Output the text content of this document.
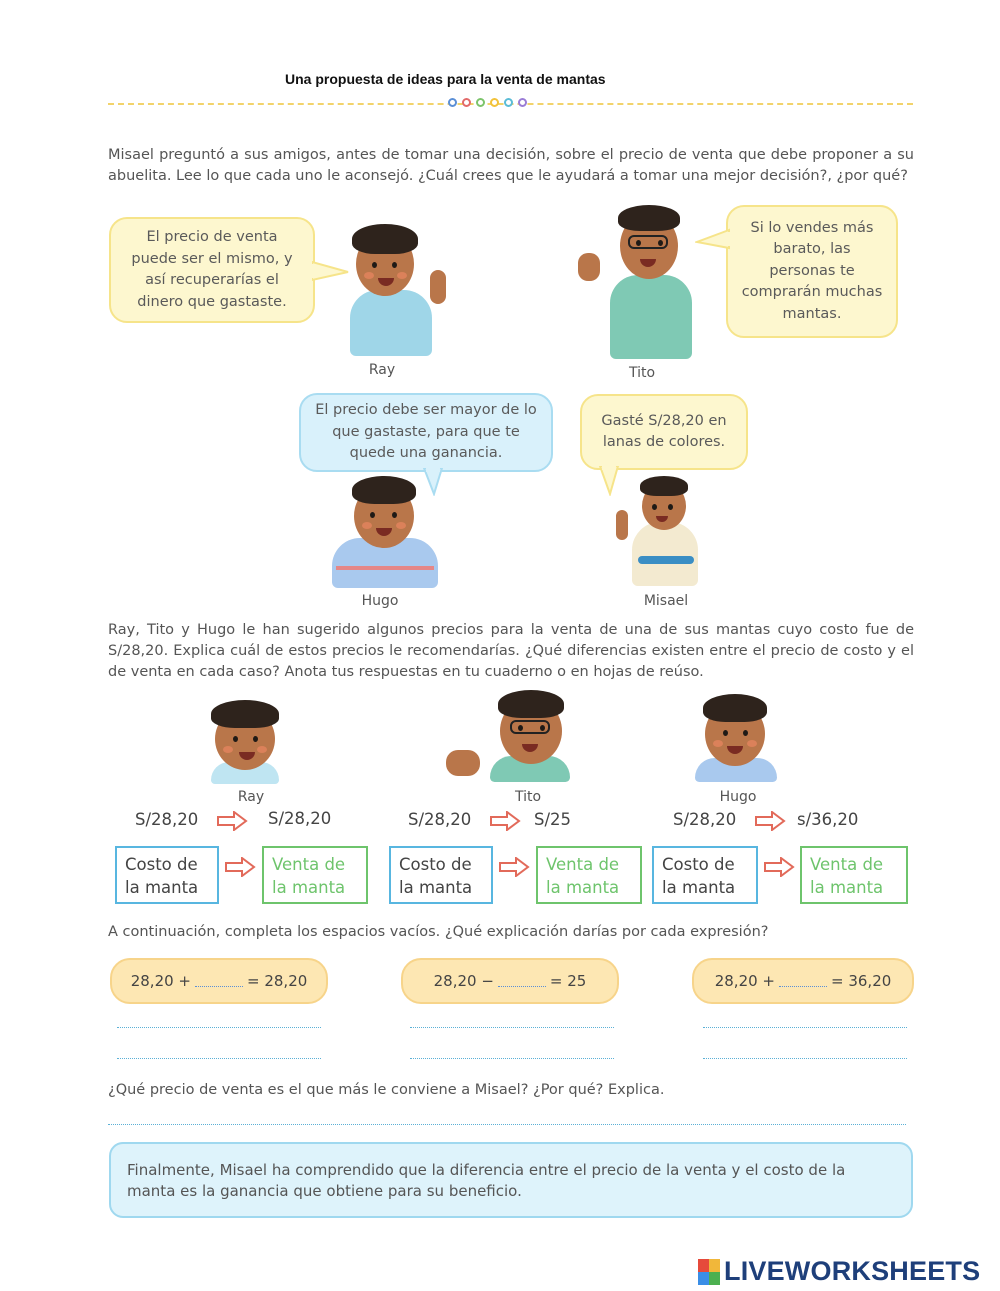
Una propuesta de ideas para la venta de mantas
Misael preguntó a sus amigos, antes de tomar una decisión, sobre el precio de venta que debe proponer a su abuelita. Lee lo que cada uno le aconsejó. ¿Cuál crees que le ayudará a tomar una mejor decisión?, ¿por qué?
El precio de venta puede ser el mismo, y así recuperarías el dinero que gastaste.
Ray	Tito
Si lo vendes más barato, las personas te comprarán muchas mantas.
El precio debe ser mayor de lo que gastaste, para que te quede una ganancia.
Gasté S/28,20 en lanas de colores.
Hugo	Misael
Ray, Tito y Hugo le han sugerido algunos precios para la venta de una de sus mantas cuyo costo fue de S/28,20. Explica cuál de estos precios le recomendarías. ¿Qué diferencias existen entre el precio de costo y el de venta en cada caso? Anota tus respuestas en tu cuaderno o en hojas de reúso.
Ray	Tito	Hugo
S/28,20	S/28,20	S/28,20	S/25	S/28,20	s/36,20
Costo de la manta
Venta de la manta
Costo de la manta
Venta de la manta
Costo de la manta
Venta de la manta
A continuación, completa los espacios vacíos. ¿Qué explicación darías por cada expresión?
28,20 +	= 28,20	28,20 −	= 25	28,20 +	= 36,20
¿Qué precio de venta es el que más le conviene a Misael? ¿Por qué? Explica.
Finalmente, Misael ha comprendido que la diferencia entre el precio de la venta y el costo de la manta es la ganancia que obtiene para su beneficio.
LIVEWORKSHEETS
